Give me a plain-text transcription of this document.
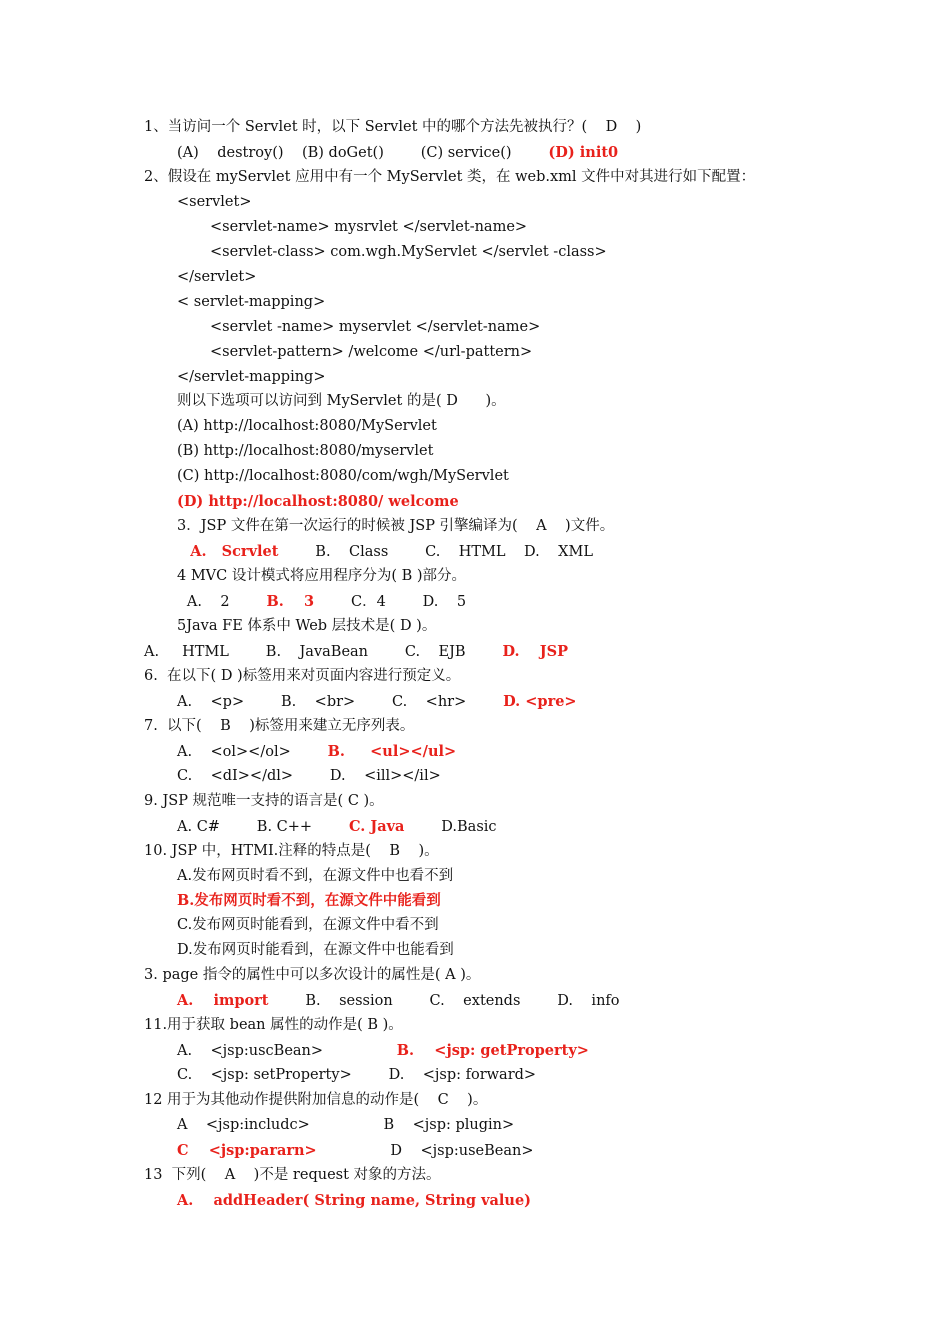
1、当访问一个 Servlet 时，以下 Servlet 中的哪个方法先被执行？(    D    )
(A)    destroy()    (B) doGet()        (C) service()        (D) init0
2、假设在 myServlet 应用中有一个 MyServlet 类，在 web.xml 文件中对其进行如下配置：
<servlet>
<servlet-name> mysrvlet </servlet-name>
<servlet-class> com.wgh.MyServlet </servlet -class>
</servlet>
< servlet-mapping>
<servlet -name> myservlet </servlet-name>
<servlet-pattern> /welcome </url-pattern>
</servlet-mapping>
则以下选项可以访问到 MyServlet 的是( D      )。
(A) http://localhost:8080/MyServlet
(B) http://localhost:8080/myservlet
(C) http://localhost:8080/com/wgh/MyServlet
(D) http://localhost:8080/ welcome
3．JSP 文件在第一次运行的时候被 JSP 引擎编译为(    A    )文件。
A.   Scrvlet        B.    Class        C.    HTML    D.    XML
4 MVC 设计模式将应用程序分为( B )部分。
A.    2        B.    3        C．4        D.    5
5Java FE 体系中 Web 层技术是( D )。
A.     HTML        B.    JavaBean        C.    EJB        D.    JSP
6.  在以下( D )标签用来对页面内容进行预定义。
A.    <p>        B.    <br>        C.    <hr>        D. <pre>
7.  以下(    B    )标签用来建立无序列表。
A.    <ol></ol>        B.     <ul></ul>
C.    <dI></dl>        D.    <ill></il>
9. JSP 规范唯一支持的语言是( C )。
A. C#        B. C++        C. Java        D.Basic
10. JSP 中，HTMI.注释的特点是(    B    )。
A.发布网页时看不到，在源文件中也看不到
B.发布网页时看不到，在源文件中能看到
C.发布网页时能看到，在源文件中看不到
D.发布网页时能看到，在源文件中也能看到
3. page 指令的属性中可以多次设计的属性是( A )。
A.    import        B.    session        C.    extends        D.    info
11.用于获取 bean 属性的动作是( B )。
A.    <jsp:uscBean>                B.    <jsp: getProperty>
C.    <jsp: setProperty>        D.    <jsp: forward>
12 用于为其他动作提供附加信息的动作是(    C    )。
A    <jsp:includc>                B    <jsp: plugin>
C    <jsp:pararn>                D    <jsp:useBean>
13  下列(    A    )不是 request 对象的方法。
A.    addHeader( String name, String value)
